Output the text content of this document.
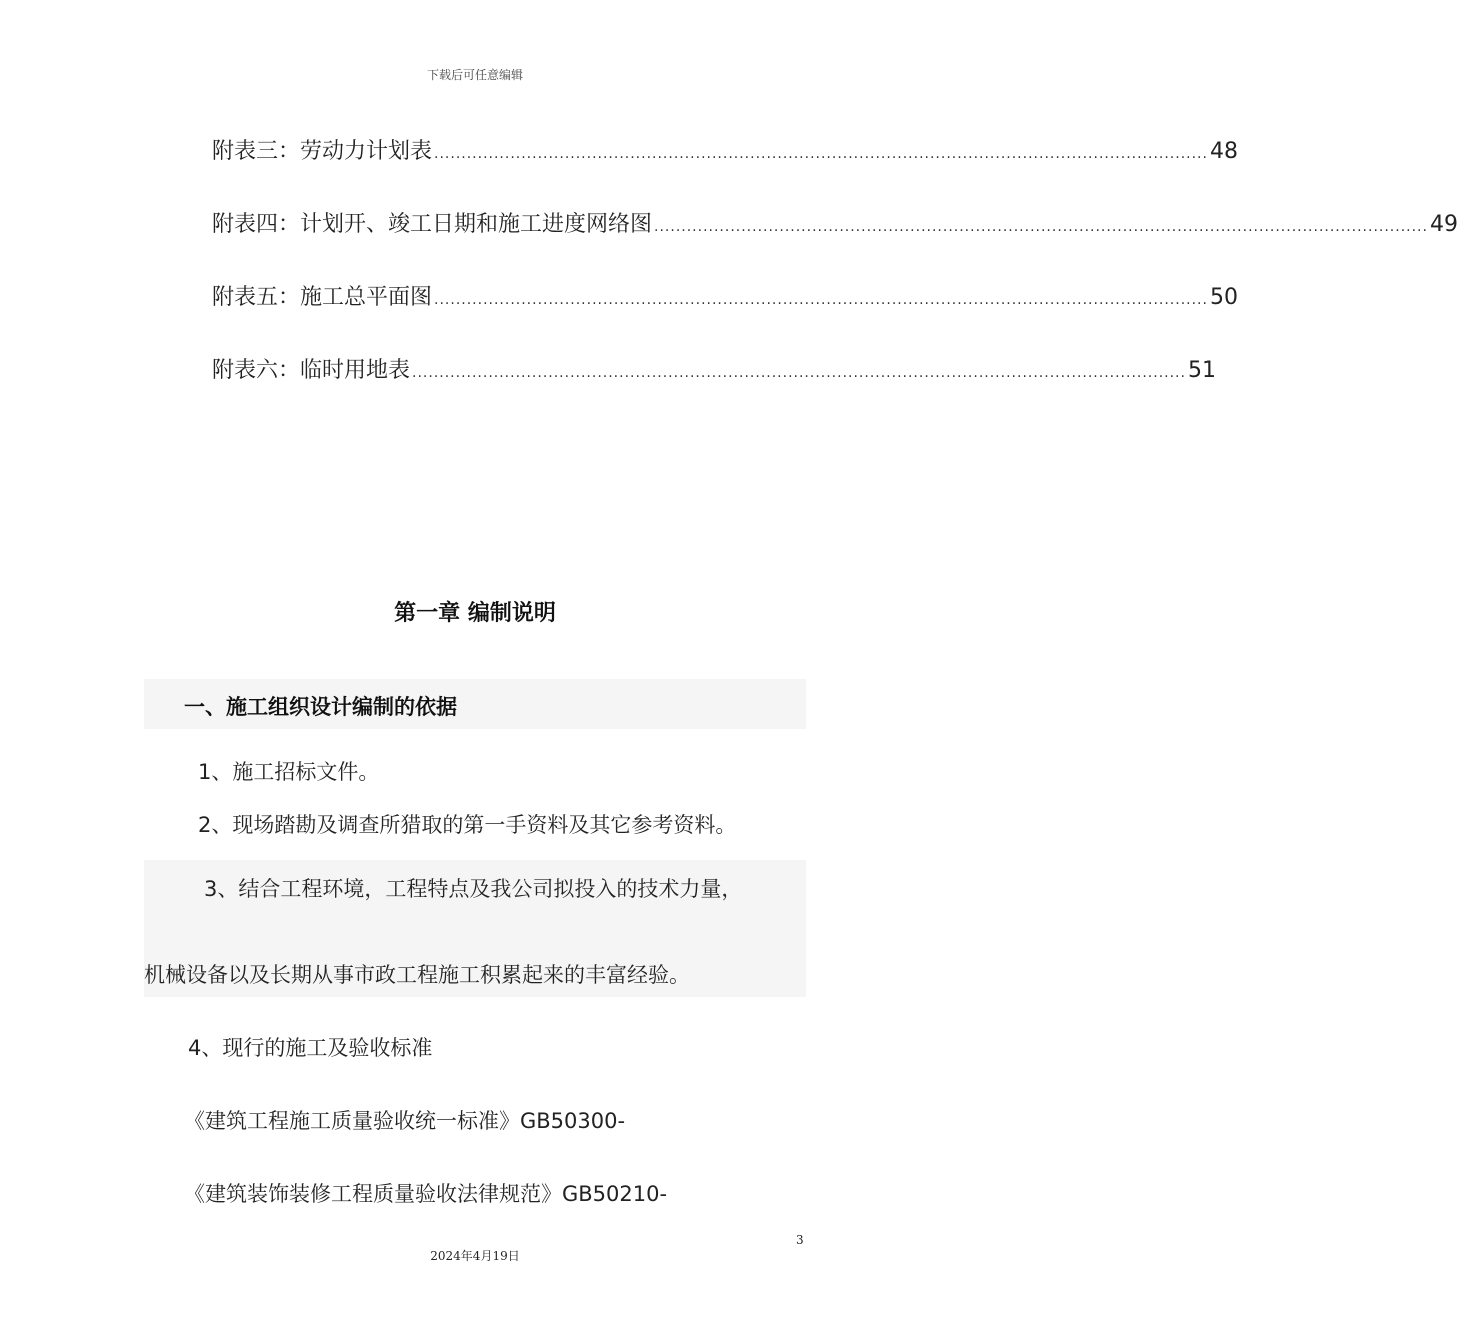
下载后可任意编辑
附表三：劳动力计划表 .............................................................................................................................................. 48
附表四：计划开、竣工日期和施工进度网络图 .............................................................................................................................................. 49
附表五：施工总平面图 .............................................................................................................................................. 50
附表六：临时用地表 .............................................................................................................................................. 51
第一章 编制说明
一、施工组织设计编制的依据
1、施工招标文件。
2、现场踏勘及调查所猎取的第一手资料及其它参考资料。
3、结合工程环境，工程特点及我公司拟投入的技术力量，
机械设备以及长期从事市政工程施工积累起来的丰富经验。
4、现行的施工及验收标准
《建筑工程施工质量验收统一标准》GB50300-
《建筑装饰装修工程质量验收法律规范》GB50210-
3
2024年4月19日
